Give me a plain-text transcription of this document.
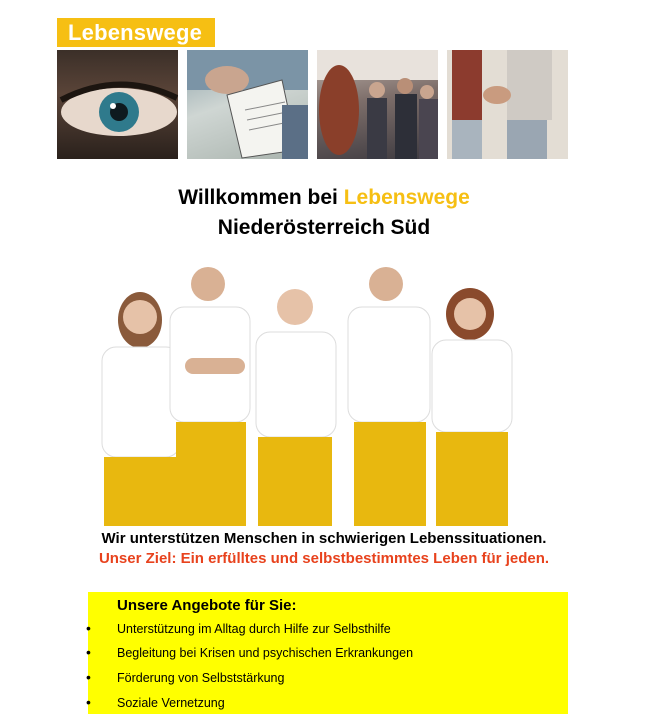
Lebenswege
Willkommen bei Lebenswege
Niederösterreich Süd
Wir unterstützen Menschen in schwierigen Lebenssituationen.
Unser Ziel: Ein erfülltes und selbstbestimmtes Leben für jeden.
Unsere Angebote für Sie:
• Unterstützung im Alltag durch Hilfe zur Selbsthilfe
• Begleitung bei Krisen und psychischen Erkrankungen
• Förderung von Selbststärkung
• Soziale Vernetzung
